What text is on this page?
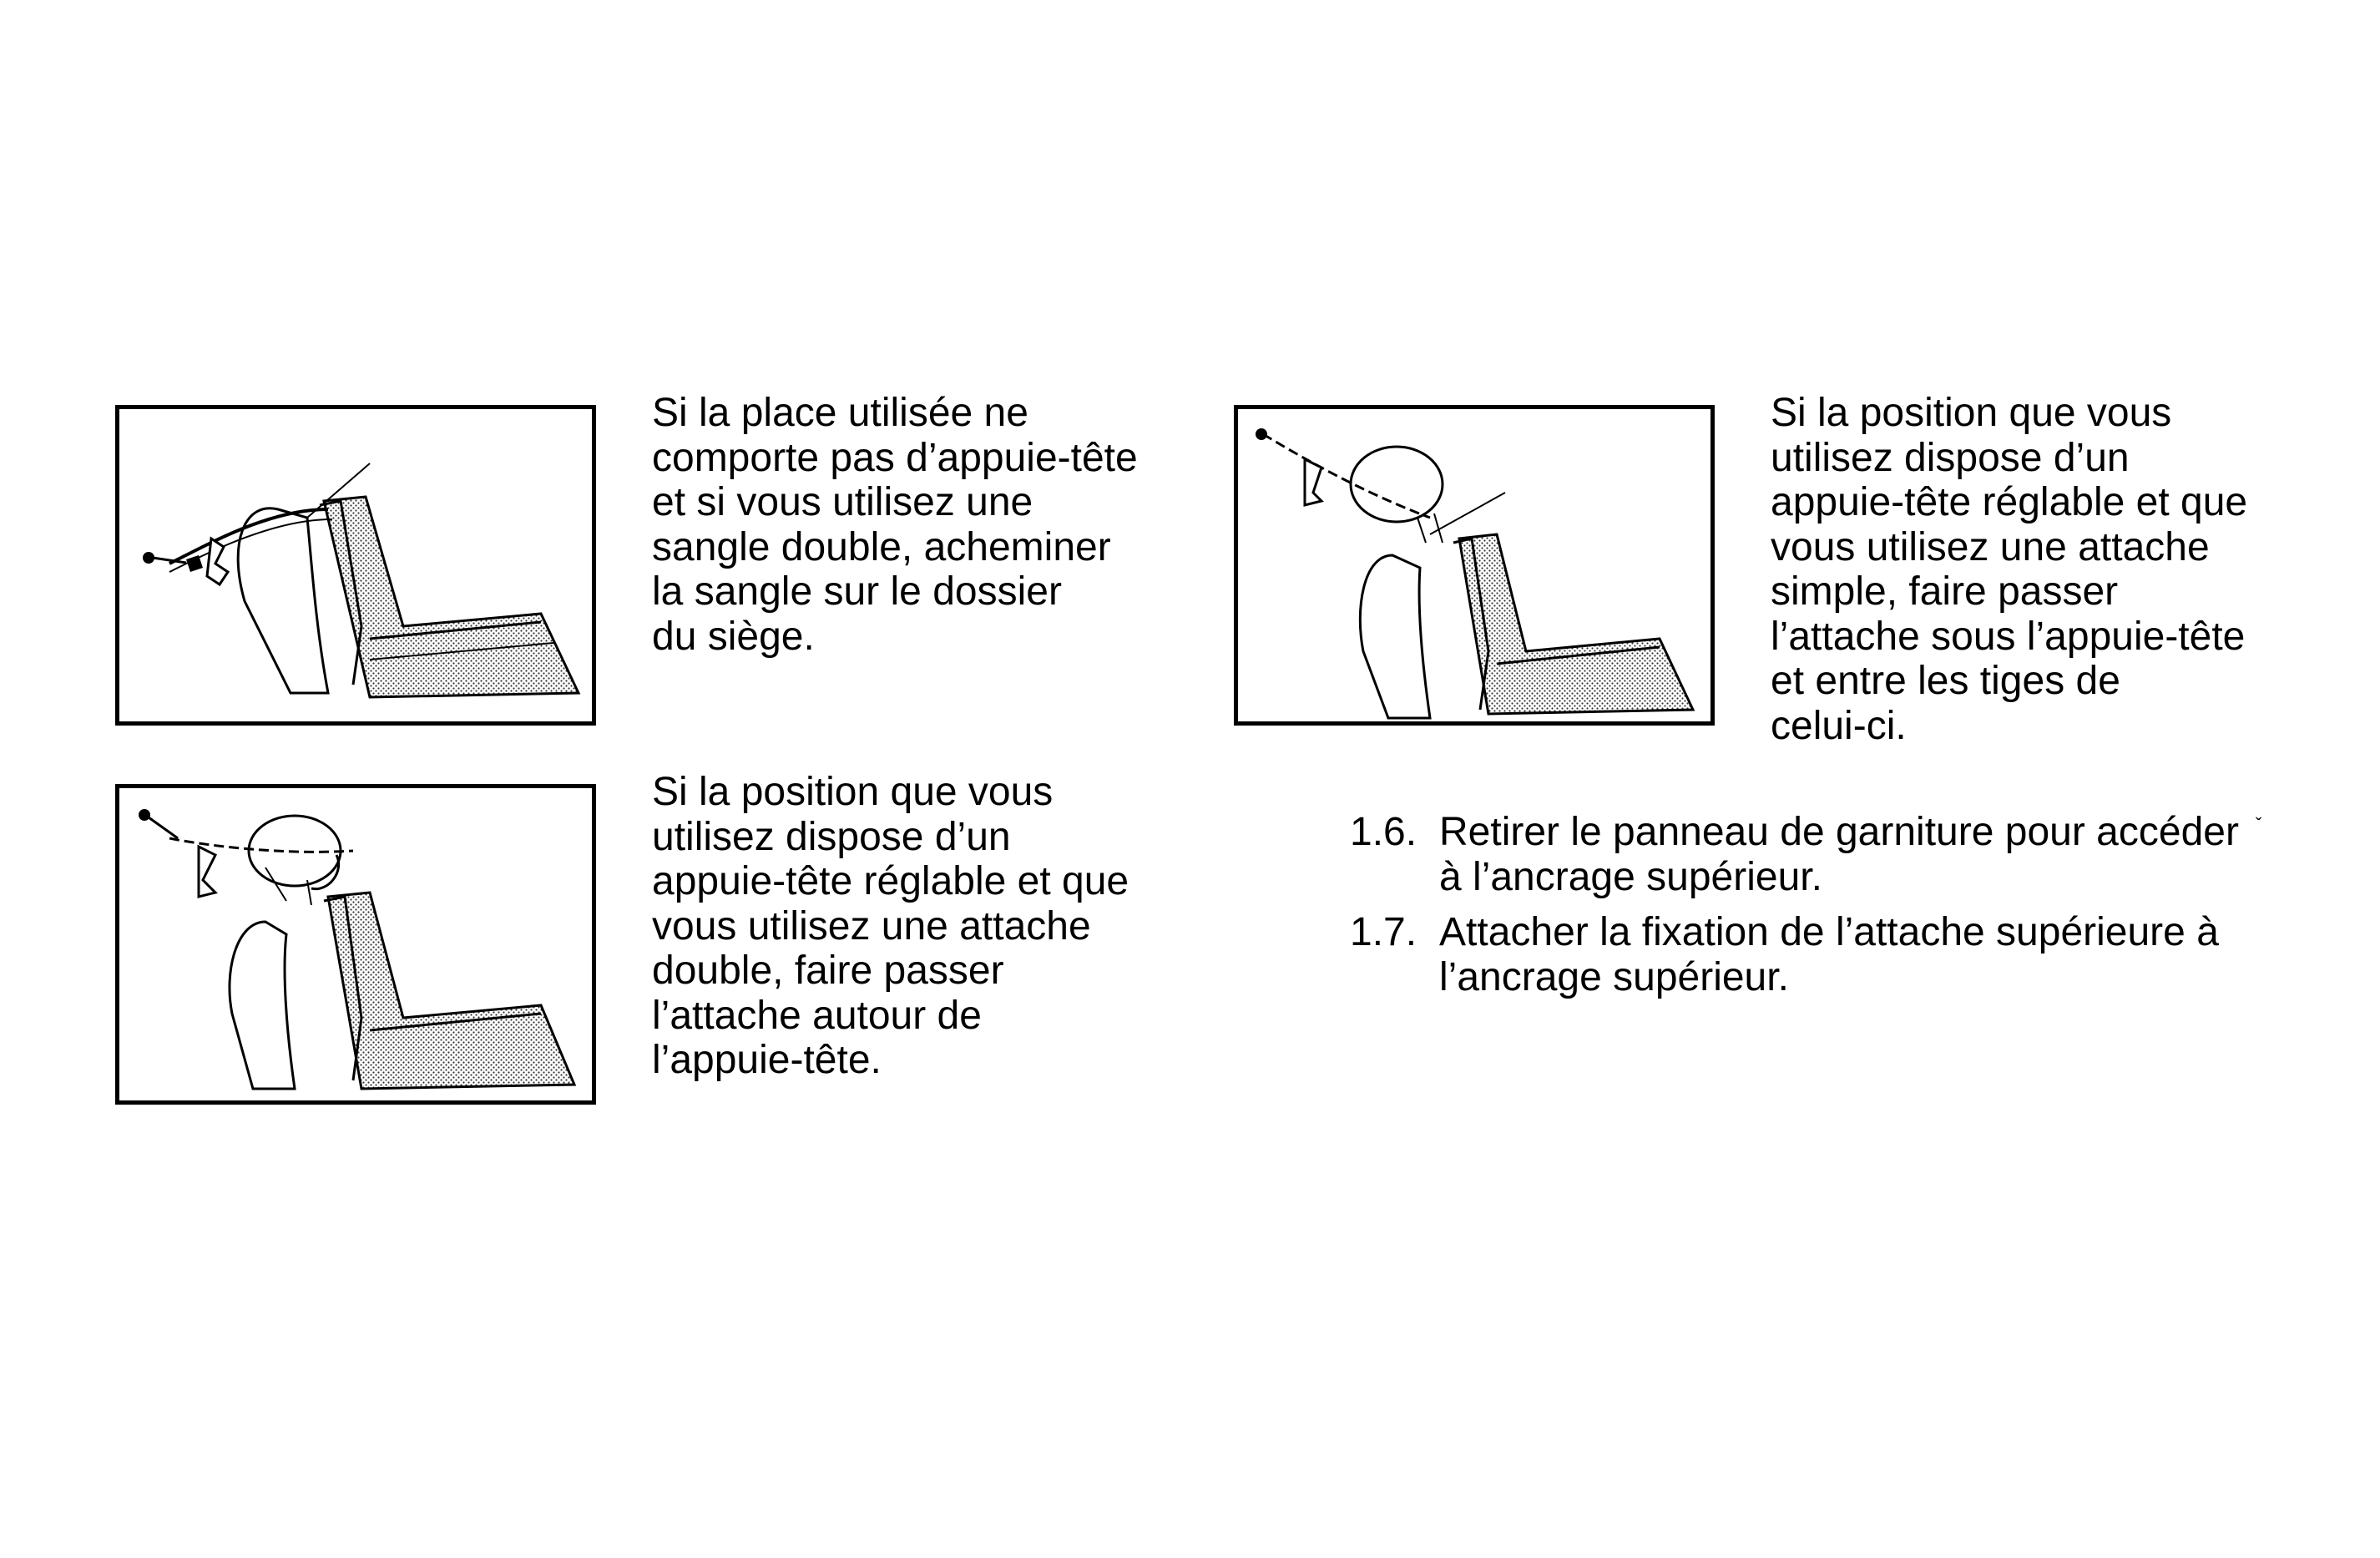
Si la place utilisée ne
comporte pas d’appuie-tête
et si vous utilisez une
sangle double, acheminer
la sangle sur le dossier
du siège.
Si la position que vous
utilisez dispose d’un
appuie-tête réglable et que
vous utilisez une attache
double, faire passer
l’attache autour de
l’appuie-tête.
Si la position que vous
utilisez dispose d’un
appuie-tête réglable et que
vous utilisez une attache
simple, faire passer
l’attache sous l’appuie-tête
et entre les tiges de
celui-ci.
1.6. Retirer le panneau de garniture pour accéder
à l’ancrage supérieur.
ˇ
1.7. Attacher la fixation de l’attache supérieure à
l’ancrage supérieur.
